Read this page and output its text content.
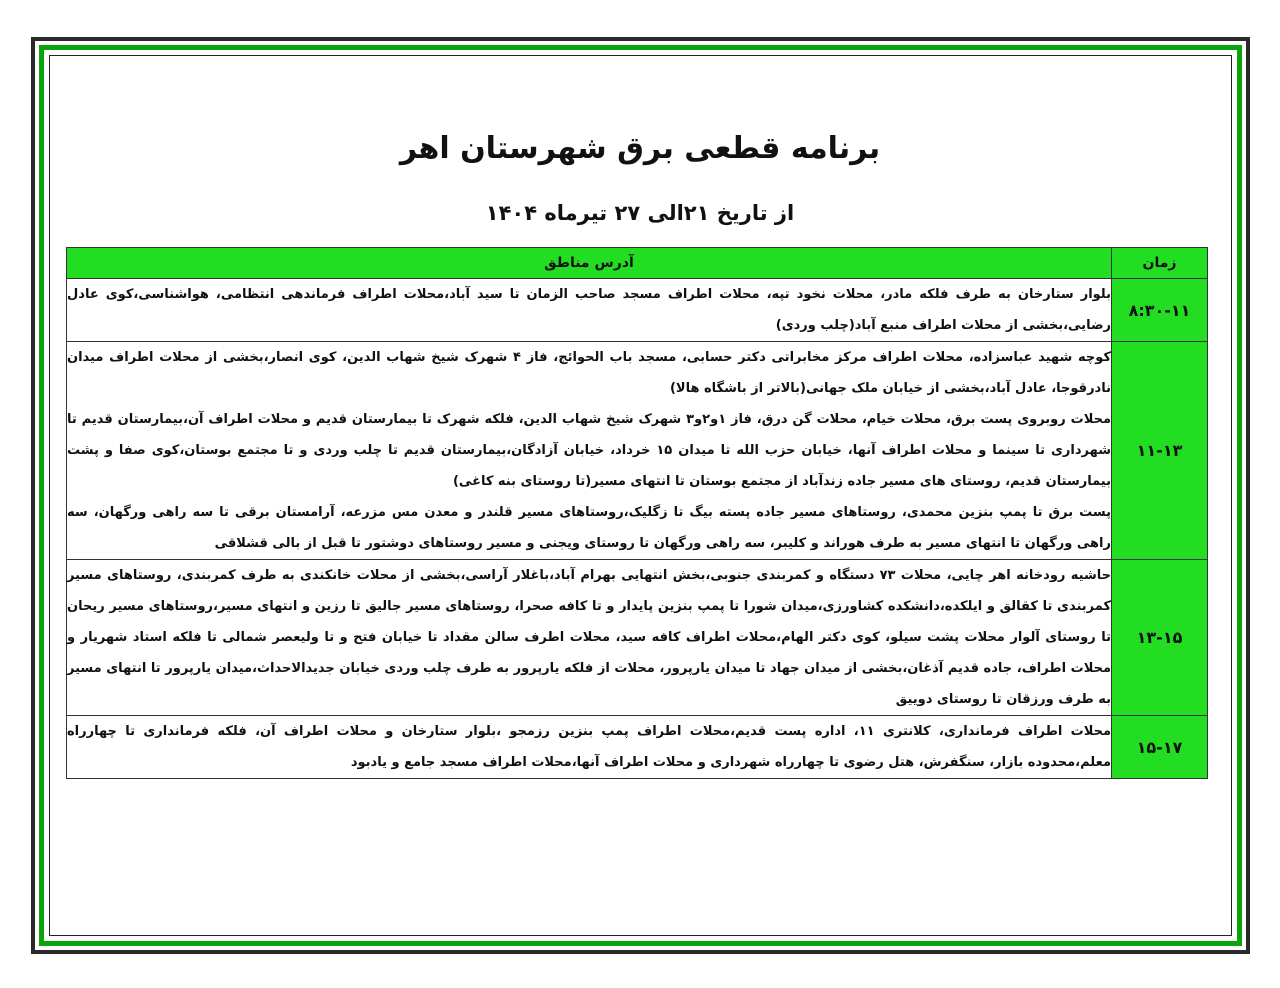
برنامه قطعی برق شهرستان اهر
از تاریخ ۲۱الی ۲۷ تیرماه ۱۴۰۴
زمان	آدرس مناطق
۸:۳۰-۱۱	بلوار ستارخان به طرف فلکه مادر، محلات نخود تپه، محلات اطراف مسجد صاحب الزمان تا سید آباد،محلات اطراف فرماندهی انتظامی، هواشناسی،کوی عادل رضایی،بخشی از محلات اطراف منبع آباد(چلب وردی)

۱۱-۱۳	کوچه شهید عباسزاده، محلات اطراف مرکز مخابراتی دکتر حسابی، مسجد باب الحوائج، فاز ۴ شهرک شیخ شهاب الدین، کوی انصار،بخشی از محلات اطراف میدان نادرقوجا، عادل آباد،بخشی از خیابان ملک جهانی(بالاتر از باشگاه هالا)
محلات روبروی پست برق، محلات خیام، محلات گن درق، فاز ۱و۲و۳ شهرک شیخ شهاب الدین، فلکه شهرک تا بیمارستان قدیم و محلات اطراف آن،بیمارستان قدیم تا شهرداری تا سینما و محلات اطراف آنها، خیابان حزب الله تا میدان ۱۵ خرداد، خیابان آزادگان،بیمارستان قدیم تا چلب وردی و تا مجتمع بوستان،کوی صفا و پشت بیمارستان قدیم، روستای های مسیر جاده زندآباد از مجتمع بوستان تا انتهای مسیر(تا روستای بنه کاغی)
پست برق تا پمپ بنزین محمدی، روستاهای مسیر جاده پسته بیگ تا زگلیک،روستاهای مسیر قلندر و معدن مس مزرعه، آرامستان برقی تا سه راهی ورگهان، سه راهی ورگهان تا انتهای مسیر به طرف هوراند و کلیبر، سه راهی ورگهان تا روستای ویجنی و مسیر روستاهای دوشتور تا قبل از بالی قشلاقی

۱۳-۱۵	حاشیه رودخانه اهر چایی، محلات ۷۳ دستگاه و کمربندی جنوبی،بخش انتهایی بهرام آباد،باغلار آراسی،بخشی از محلات خانکندی به طرف کمربندی، روستاهای مسیر کمربندی تا کقالق و ایلکده،دانشکده کشاورزی،میدان شورا تا پمپ بنزین پایدار و تا کافه صحرا، روستاهای مسیر جالیق تا رزین و انتهای مسیر،روستاهای مسیر ریحان تا روستای آلوار محلات پشت سیلو، کوی دکتر الهام،محلات اطراف کافه سید، محلات اطرف سالن مقداد تا خیابان فتح و تا ولیعصر شمالی تا فلکه استاد شهریار و محلات اطراف، جاده قدیم آذغان،بخشی از میدان جهاد تا میدان یارپرور، محلات از فلکه یارپرور به طرف چلب وردی خیابان جدیدالاحداث،میدان یارپرور تا انتهای مسیر به طرف ورزقان تا روستای دوییق

۱۵-۱۷	محلات اطراف فرمانداری، کلانتری ۱۱، اداره پست قدیم،محلات اطراف پمپ بنزین رزمجو ،بلوار ستارخان و محلات اطراف آن، فلکه فرمانداری تا چهارراه معلم،محدوده بازار، سنگفرش، هتل رضوی تا چهارراه شهرداری و محلات اطراف آنها،محلات اطراف مسجد جامع و یادبود
